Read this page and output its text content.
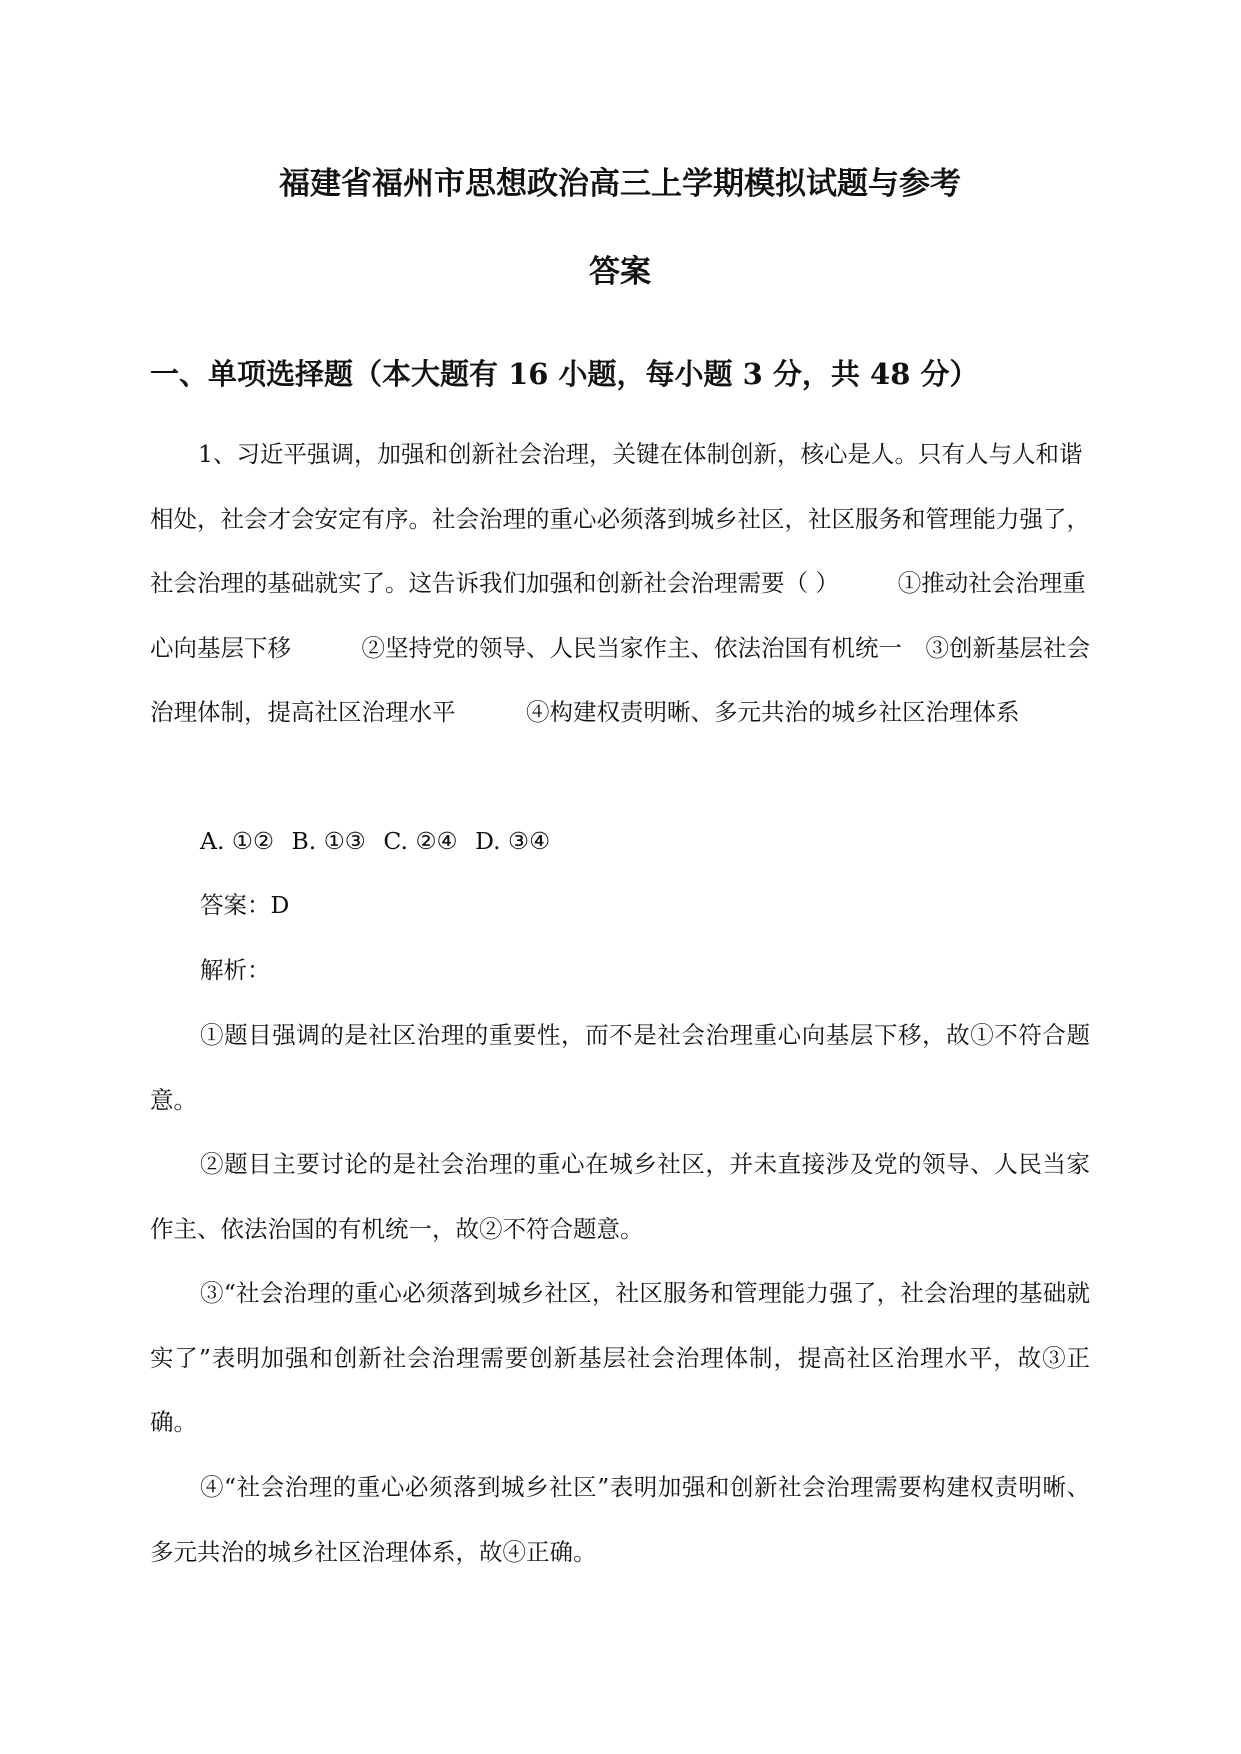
福建省福州市思想政治高三上学期模拟试题与参考
答案
一、单项选择题（本大题有 16 小题，每小题 3 分，共 48 分）
1、习近平强调，加强和创新社会治理，关键在体制创新，核心是人。只有人与人和谐相处，社会才会安定有序。社会治理的重心必须落到城乡社区，社区服务和管理能力强了，社会治理的基础就实了。这告诉我们加强和创新社会治理需要（ ）　　　①推动社会治理重心向基层下移　　　②坚持党的领导、人民当家作主、依法治国有机统一　③创新基层社会治理体制，提高社区治理水平　　　④构建权责明晰、多元共治的城乡社区治理体系
A. ①② B. ①③ C. ②④ D. ③④
答案：D
解析：
①题目强调的是社区治理的重要性，而不是社会治理重心向基层下移，故①不符合题意。
②题目主要讨论的是社会治理的重心在城乡社区，并未直接涉及党的领导、人民当家作主、依法治国的有机统一，故②不符合题意。
③“社会治理的重心必须落到城乡社区，社区服务和管理能力强了，社会治理的基础就实了”表明加强和创新社会治理需要创新基层社会治理体制，提高社区治理水平，故③正确。
④“社会治理的重心必须落到城乡社区”表明加强和创新社会治理需要构建权责明晰、多元共治的城乡社区治理体系，故④正确。
